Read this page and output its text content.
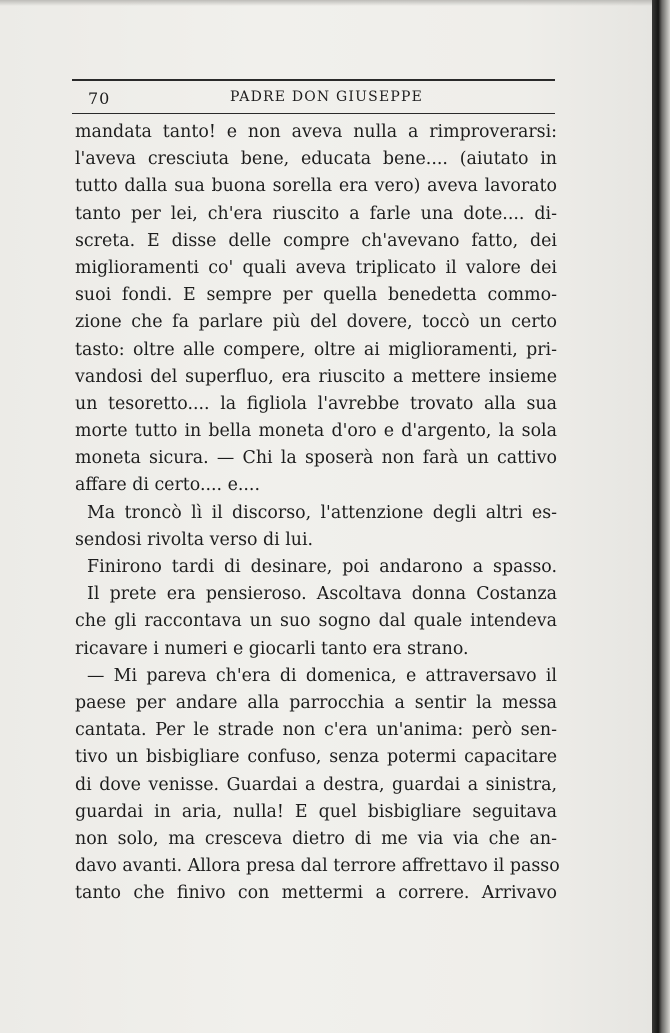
70	PADRE DON GIUSEPPE
mandata tanto! e non aveva nulla a rimproverarsi:
l'aveva cresciuta bene, educata bene.... (aiutato in
tutto dalla sua buona sorella era vero) aveva lavorato
tanto per lei, ch'era riuscito a farle una dote.... di-
screta. E disse delle compre ch'avevano fatto, dei
miglioramenti co' quali aveva triplicato il valore dei
suoi fondi. E sempre per quella benedetta commo-
zione che fa parlare più del dovere, toccò un certo
tasto: oltre alle compere, oltre ai miglioramenti, pri-
vandosi del superfluo, era riuscito a mettere insieme
un tesoretto.... la figliola l'avrebbe trovato alla sua
morte tutto in bella moneta d'oro e d'argento, la sola
moneta sicura. — Chi la sposerà non farà un cattivo
affare di certo.... e....
Ma troncò lì il discorso, l'attenzione degli altri es-
sendosi rivolta verso di lui.
Finirono tardi di desinare, poi andarono a spasso.
Il prete era pensieroso. Ascoltava donna Costanza
che gli raccontava un suo sogno dal quale intendeva
ricavare i numeri e giocarli tanto era strano.
— Mi pareva ch'era di domenica, e attraversavo il
paese per andare alla parrocchia a sentir la messa
cantata. Per le strade non c'era un'anima: però sen-
tivo un bisbigliare confuso, senza potermi capacitare
di dove venisse. Guardai a destra, guardai a sinistra,
guardai in aria, nulla! E quel bisbigliare seguitava
non solo, ma cresceva dietro di me via via che an-
davo avanti. Allora presa dal terrore affrettavo il passo
tanto che finivo con mettermi a correre. Arrivavo
